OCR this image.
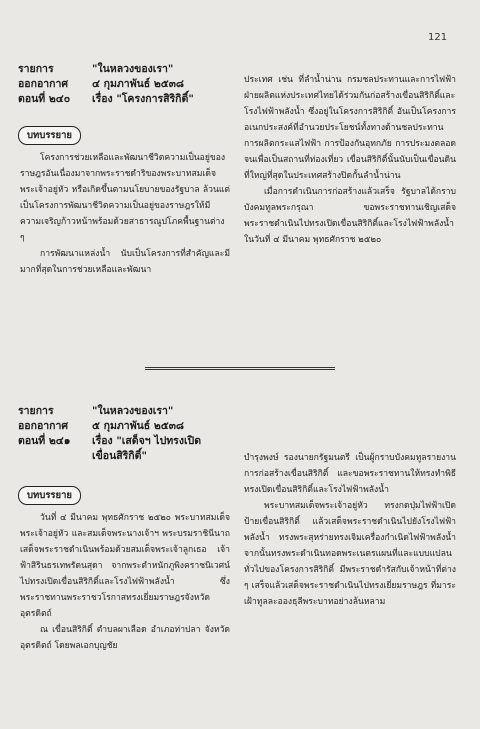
121
รายการ	"ในหลวงของเรา"
ออกอากาศ	๔ กุมภาพันธ์ ๒๕๓๘
ตอนที่ ๒๔๐	เรื่อง "โครงการสิริกิติ์"
บทบรรยาย

โครงการช่วยเหลือและพัฒนาชีวิตความเป็นอยู่ของราษฎรอันเนื่องมาจากพระราชดำริของพระบาทสมเด็จพระเจ้าอยู่หัว หรือเกิดขึ้นตามนโยบายของรัฐบาล ล้วนแต่เป็นโครงการพัฒนาชีวิตความเป็นอยู่ของราษฎรให้มีความเจริญก้าวหน้าพร้อมด้วยสาธารณูปโภคพื้นฐานต่าง ๆ

การพัฒนาแหล่งน้ำ นับเป็นโครงการที่สำคัญและมีมากที่สุดในการช่วยเหลือและพัฒนา

ประเทศ เช่น ที่ลำน้ำน่าน กรมชลประทานและการไฟฟ้าฝ่ายผลิตแห่งประเทศไทยได้ร่วมกันก่อสร้างเขื่อนสิริกิติ์และโรงไฟฟ้าพลังน้ำ ซึ่งอยู่ในโครงการสิริกิติ์ อันเป็นโครงการอเนกประสงค์ที่อำนวยประโยชน์ทั้งทางด้านชลประทาน การผลิตกระแสไฟฟ้า การป้องกันอุทกภัย การประมงตลอดจนเพื่อเป็นสถานที่ท่องเที่ยว เขื่อนสิริกิติ์นั้นนับเป็นเขื่อนดินที่ใหญ่ที่สุดในประเทศสร้างปิดกั้นลำน้ำน่าน

เมื่อการดำเนินการก่อสร้างแล้วเสร็จ รัฐบาลได้กราบบังคมทูลพระกรุณา ขอพระราชทานเชิญเสด็จพระราชดำเนินไปทรงเปิดเขื่อนสิริกิติ์และโรงไฟฟ้าพลังน้ำ ในวันที่ ๔ มีนาคม พุทธศักราช ๒๕๒๐

รายการ	"ในหลวงของเรา"
ออกอากาศ	๕ กุมภาพันธ์ ๒๕๓๘
ตอนที่ ๒๔๑	เรื่อง "เสด็จฯ ไปทรงเปิด
เขื่อนสิริกิติ์"
บทบรรยาย

วันที่ ๔ มีนาคม พุทธศักราช ๒๕๒๐ พระบาทสมเด็จพระเจ้าอยู่หัว และสมเด็จพระนางเจ้าฯ พระบรมราชินีนาถ เสด็จพระราชดำเนินพร้อมด้วยสมเด็จพระเจ้าลูกเธอ เจ้าฟ้าสิรินธรเทพรัตนสุดา จากพระตำหนักภูพิงคราชนิเวศน์ไปทรงเปิดเขื่อนสิริกิติ์และโรงไฟฟ้าพลังน้ำ ซึ่งพระราชทานพระราชวโรกาสทรงเยี่ยมราษฎรจังหวัดอุตรดิตถ์

ณ เขื่อนสิริกิติ์ ตำบลผาเลือด อำเภอท่าปลา จังหวัดอุตรดิตถ์ โดยพลเอกบุญชัย

บำรุงพงษ์ รองนายกรัฐมนตรี เป็นผู้กราบบังคมทูลรายงานการก่อสร้างเขื่อนสิริกิติ์ และขอพระราชทานให้ทรงทำพิธีทรงเปิดเขื่อนสิริกิติ์และโรงไฟฟ้าพลังน้ำ

พระบาทสมเด็จพระเจ้าอยู่หัว ทรงกดปุ่มไฟฟ้าเปิดป้ายเขื่อนสิริกิติ์ แล้วเสด็จพระราชดำเนินไปยังโรงไฟฟ้าพลังน้ำ ทรงพระสุหร่ายทรงเจิมเครื่องกำเนิดไฟฟ้าพลังน้ำ จากนั้นทรงพระดำเนินทอดพระเนตรแผนที่และแบบแปลนทั่วไปของโครงการสิริกิติ์ มีพระราชดำรัสกับเจ้าหน้าที่ต่าง ๆ เสร็จแล้วเสด็จพระราชดำเนินไปทรงเยี่ยมราษฎร ที่มาระเฝ้าทูลละอองธุลีพระบาทอย่างล้นหลาม
